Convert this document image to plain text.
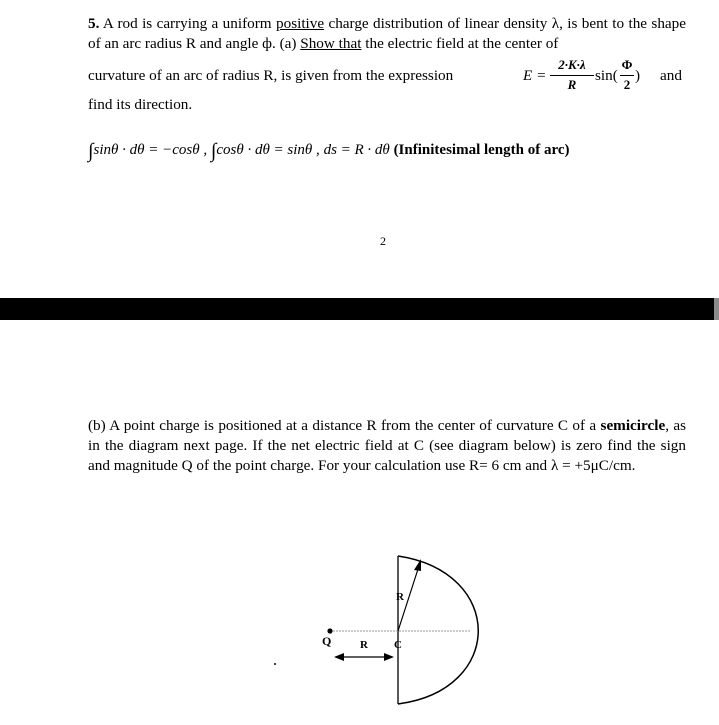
5. A rod is carrying a uniform positive charge distribution of linear density λ, is bent to the shape of an arc radius R and angle ф. (a) Show that the electric field at the center of
curvature of an arc of radius R, is given from the expression	E =
2·K·λ
R
sin(
Φ
2
) and
find its direction.
∫sinθ · dθ = −cosθ , ∫cosθ · dθ = sinθ , ds = R · dθ (Infinitesimal length of arc)
2
(b) A point charge is positioned at a distance R from the center of curvature C of a semicircle, as in the diagram next page. If the net electric field at C (see diagram below) is zero find the sign and magnitude Q of the point charge. For your calculation use R= 6 cm and λ = +5μC/cm.
Q	R C
R
